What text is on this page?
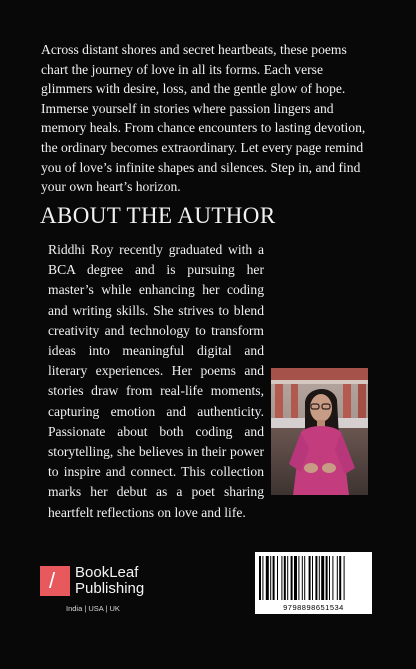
Across distant shores and secret heartbeats, these poems chart the journey of love in all its forms. Each verse glimmers with desire, loss, and the gentle glow of hope. Immerse yourself in stories where passion lingers and memory heals. From chance encounters to lasting devotion, the ordinary becomes extraordinary. Let every page remind you of love’s infinite shapes and silences. Step in, and find your own heart’s horizon.

ABOUT THE AUTHOR

Riddhi Roy recently graduated with a BCA degree and is pursuing her master’s while enhancing her coding and writing skills. She strives to blend creativity and technology to transform ideas into meaningful digital and literary experiences. Her poems and stories draw from real-life moments, capturing emotion and authenticity. Passionate about both coding and storytelling, she believes in their power to inspire and connect. This collection marks her debut as a poet sharing heartfelt reflections on love and life.

/ BookLeaf
Publishing
India | USA | UK	9798898651534
